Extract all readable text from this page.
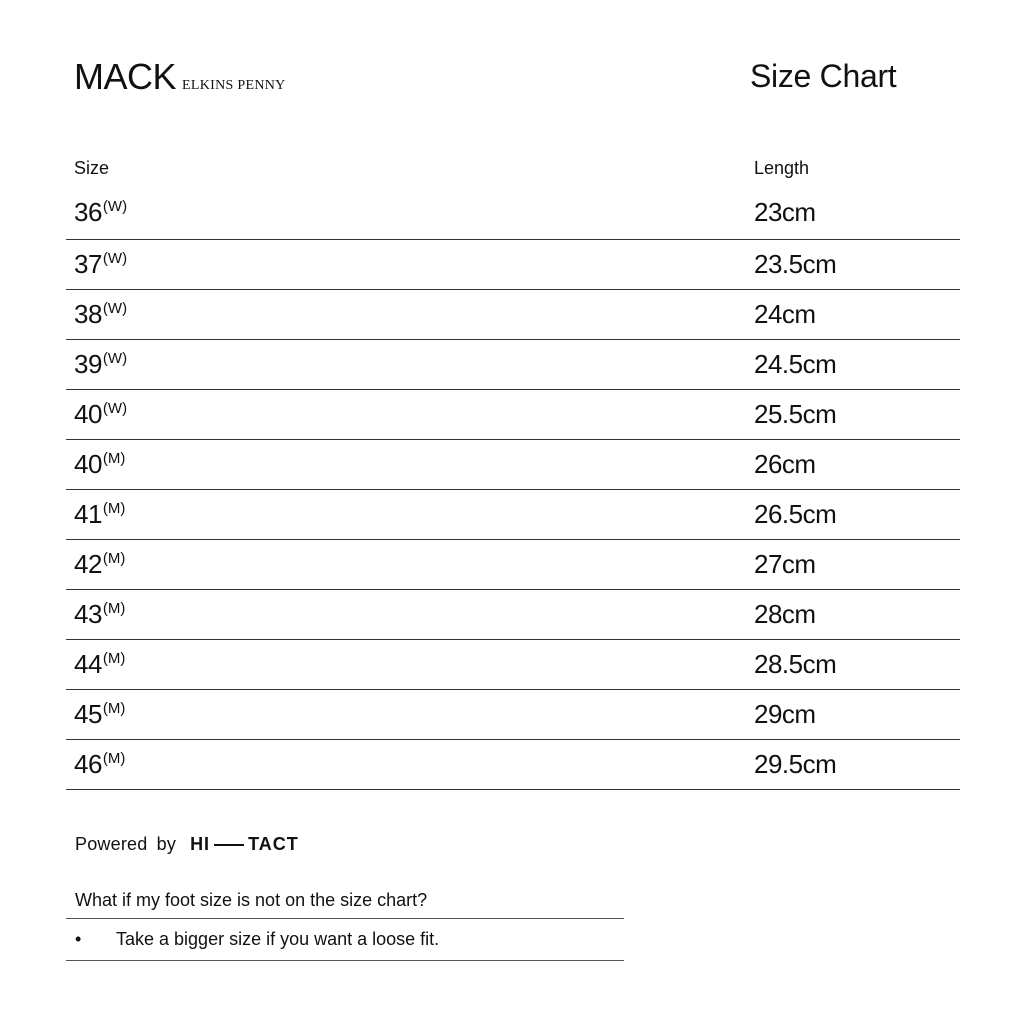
MACK ELKINS PENNY	Size Chart
Size	Length
$36^{(W)}$	23cm
$37^{(W)}$	23.5cm
$38^{(W)}$	24cm
$39^{(W)}$	24.5cm
$40^{(W)}$	25.5cm
$40^{(M)}$	26cm
$41^{(M)}$	26.5cm
$42^{(M)}$	27cm
$43^{(M)}$	28cm
$44^{(M)}$	28.5cm
$45^{(M)}$	29cm
$46^{(M)}$	29.5cm
Powered by HI TACT
What if my foot size is not on the size chart?
•	Take a bigger size if you want a loose fit.
